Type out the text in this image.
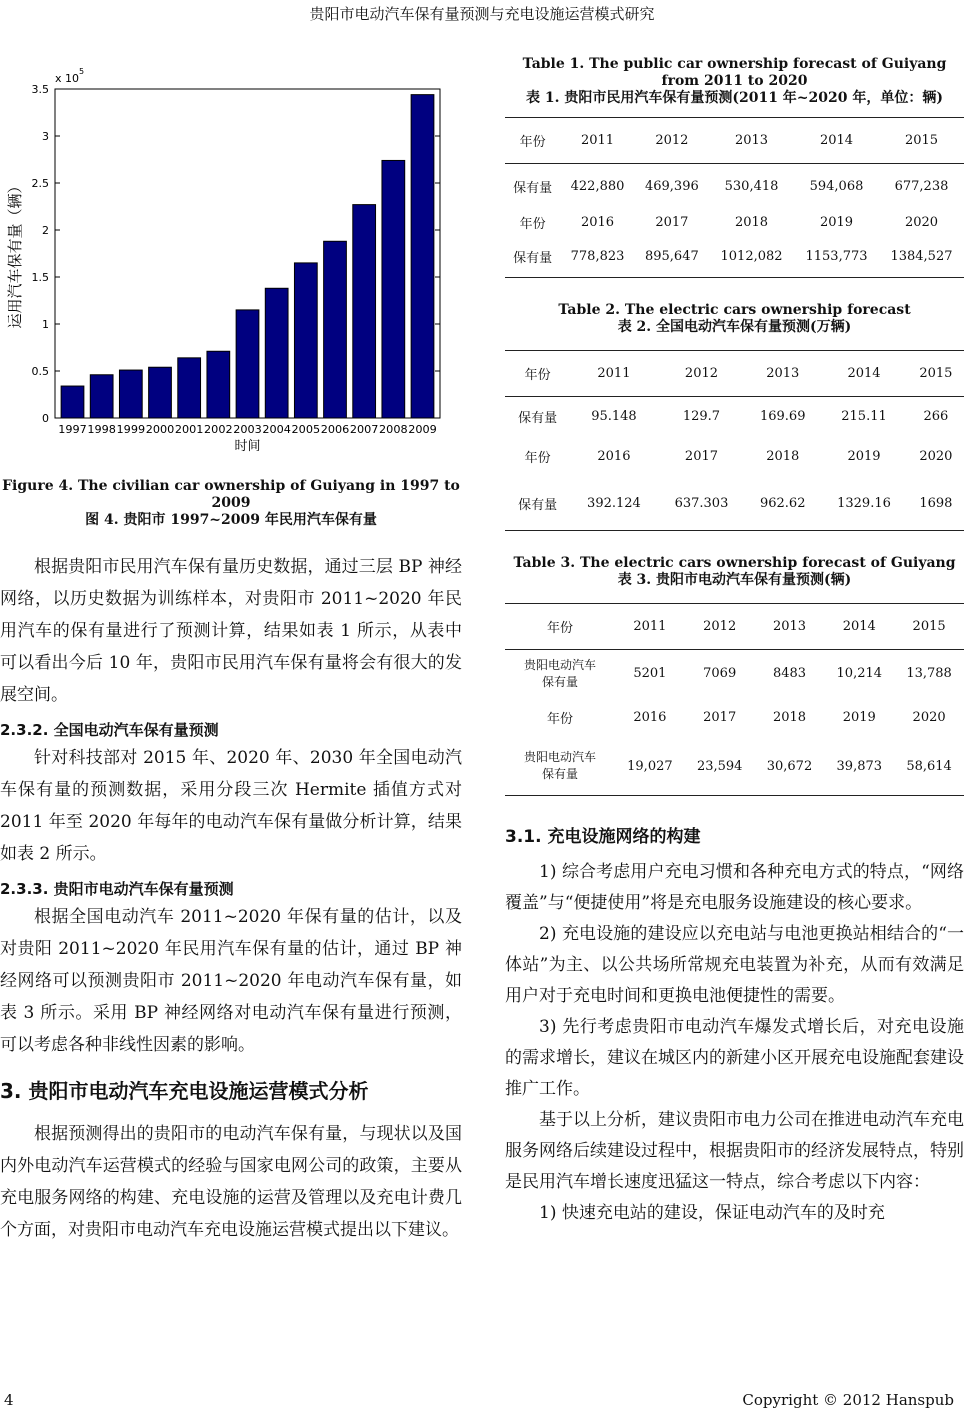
贵阳市电动汽车保有量预测与充电设施运营模式研究
0
0.5
1
1.5
2
2.5
3
3.5
1997 1998 1999 2000 2001 2002 2003 2004 2005 2006 2007 2008 2009
x 10
5
时间
运用汽车保有量（辆）
Figure 4. The civilian car ownership of Guiyang in 1997 to 2009
图 4. 贵阳市 1997~2009 年民用汽车保有量

根据贵阳市民用汽车保有量历史数据，通过三层 BP 神经网络，以历史数据为训练样本，对贵阳市 2011~2020 年民用汽车的保有量进行了预测计算，结果如表 1 所示，从表中可以看出今后 10 年，贵阳市民用汽车保有量将会有很大的发展空间。

2.3.2. 全国电动汽车保有量预测

针对科技部对 2015 年、2020 年、2030 年全国电动汽车保有量的预测数据，采用分段三次 Hermite 插值方式对 2011 年至 2020 年每年的电动汽车保有量做分析计算，结果如表 2 所示。

2.3.3. 贵阳市电动汽车保有量预测

根据全国电动汽车 2011~2020 年保有量的估计，以及对贵阳 2011~2020 年民用汽车保有量的估计，通过 BP 神经网络可以预测贵阳市 2011~2020 年电动汽车保有量，如表 3 所示。采用 BP 神经网络对电动汽车保有量进行预测，可以考虑各种非线性因素的影响。

3. 贵阳市电动汽车充电设施运营模式分析

根据预测得出的贵阳市的电动汽车保有量，与现状以及国内外电动汽车运营模式的经验与国家电网公司的政策，主要从充电服务网络的构建、充电设施的运营及管理以及充电计费几个方面，对贵阳市电动汽车充电设施运营模式提出以下建议。

Table 1. The public car ownership forecast of Guiyang from 2011 to 2020
表 1. 贵阳市民用汽车保有量预测(2011 年~2020 年，单位：辆)
年份	2011	2012	2013	2014	2015
保有量	422,880	469,396	530,418	594,068	677,238
年份	2016	2017	2018	2019	2020
保有量	778,823	895,647	1012,082	1153,773	1384,527
Table 2. The electric cars ownership forecast
表 2. 全国电动汽车保有量预测(万辆)
年份	2011	2012	2013	2014	2015
保有量	95.148	129.7	169.69	215.11	266
年份	2016	2017	2018	2019	2020
保有量	392.124	637.303	962.62	1329.16	1698
Table 3. The electric cars ownership forecast of Guiyang
表 3. 贵阳市电动汽车保有量预测(辆)
年份	2011	2012	2013	2014	2015

贵阳电动汽车
保有量	5201	7069	8483	10,214	13,788
年份	2016	2017	2018	2019	2020

贵阳电动汽车
保有量	19,027	23,594	30,672	39,873	58,614
3.1. 充电设施网络的构建

1) 综合考虑用户充电习惯和各种充电方式的特点，“网络覆盖”与“便捷使用”将是充电服务设施建设的核心要求。

2) 充电设施的建设应以充电站与电池更换站相结合的“一体站”为主、以公共场所常规充电装置为补充，从而有效满足用户对于充电时间和更换电池便捷性的需要。

3) 先行考虑贵阳市电动汽车爆发式增长后，对充电设施的需求增长，建议在城区内的新建小区开展充电设施配套建设推广工作。

基于以上分析，建议贵阳市电力公司在推进电动汽车充电服务网络后续建设过程中，根据贵阳市的经济发展特点，特别是民用汽车增长速度迅猛这一特点，综合考虑以下内容：

1) 快速充电站的建设，保证电动汽车的及时充

4	Copyright © 2012 Hanspub
